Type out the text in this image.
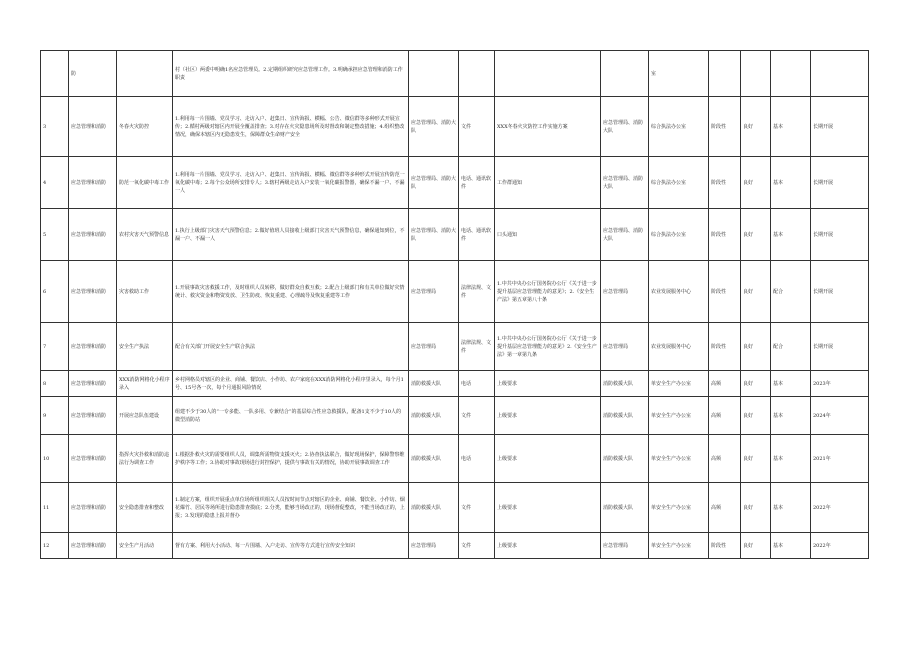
	防		村（社区）两委中明确1名应急管理员。2.定期组织研究应急管理工作。3.明确承担应急管理和消防工作职责					室				
3	应急管理和消防	冬春火灾防控	1.利用每一片围墙、党员学习、走访入户、赶集日、宣传海报、横幅、公告、微信群等多种形式开展宣传；2.循村两级对辖区内开展全覆盖排查；3.对存在火灾隐患场所及时督改和制定整改措施；4.组织整改情况，确保本辖区内无隐患发生，保障群众生命财产安全	应急管理局、消防大队	文件	XXX冬春火灾防控工作实施方案	应急管理局、消防大队	综合执法办公室	阶段性	良好	基本	长期开展
4	应急管理和消防	防范一氧化碳中毒工作	1.利用每一片围墙、党员学习、走访入户、赶集日、宣传海报、横幅、微信群等多种形式开展宣传防范一氧化碳中毒；2.每个公众场所安排专人；3.辖村两级走访入户安装一氧化碳报警器，确保不漏一户、不漏一人	应急管理局、消防大队	电话、通讯软件	工作群通知	应急管理局、消防大队	综合执法办公室	阶段性	良好	基本	长期开展
5	应急管理和消防	农村灾害天气预警信息	1.执行上级部门灾害天气预警信息；2.做好值班人员接收上级部门灾害天气预警信息，确保通知到位，不漏一户、不漏一人	应急管理局、消防大队	电话、通讯软件	口头通知	应急管理局、消防大队	综合执法办公室	阶段性	良好	基本	长期开展
6	应急管理和消防	灾害救助工作	1.开展事故灾害救援工作，及时组织人员转移，做好群众自救互救；2.配合上级部门和有关单位做好灾情统计、救灾资金和物资发放、卫生防疫、恢复重建、心理疏导及恢复重建等工作	应急管理局	法律法规、文件	1.中共中央办公厅国务院办公厅《关于进一步提升基层应急管理能力的意见》；2.《安全生产法》第五章第八十条	应急管理局	农业发展服务中心	阶段性	良好	配合	长期开展
7	应急管理和消防	安全生产执法	配合有关部门开展安全生产联合执法	应急管理局	法律法规、文件	1.中共中央办公厅国务院办公厅《关于进一步提升基层应急管理能力的意见》2.《安全生产法》第一章第九条	应急管理局	农业发展服务中心	阶段性	良好	配合	长期开展
8	应急管理和消防	XXX消防网格化小程序录入	乡村网格员对辖区的企业、商铺、餐饮店、小作坊、农户家庭在XXX消防网格化小程序里录入，每个月1号、15号各一次，每个月通报风险情况	消防救援大队	电话	上级要求	消防救援大队	单安全生产办公室	高频	良好	基本	2023年
9	应急管理和消防	开展应急队伍建设	组建不少于30人的“一专多能、一队多用、专兼结合”的基层综合性应急救援队，配备1支不少于10人的微型消防站	消防救援大队	文件	上级要求	消防救援大队	单安全生产办公室	高频	良好	基本	2024年
10	应急管理和消防	指挥火灾扑救和消防违法行为调查工作	1.根据扑救火灾的需要组织人员，调集所需物资支援灭火；2.协查执法联合，做好现场保护，保障警察维护秩序等工作；3.协助对事故现场进行封控保护，提供与事故有关的情况，协助开展事故调查工作	消防救援大队	电话	上级要求	消防救援大队	单安全生产办公室	高频	良好	基本	2021年
11	应急管理和消防	安全隐患排查和整改	1.制定方案，组织开展重点单位场所组织相关人员按时间节点对辖区的企业、商铺、餐饮业、小作坊、烟花爆竹、居民等场所进行隐患排查摸底；2.分类，能够当场改正的，现场督促整改，不能当场改正的，上报；3.发现的隐患上报并督办	消防救援大队	文件	上级要求	消防救援大队	单安全生产办公室	高频	良好	基本	2022年
12	应急管理和消防	安全生产月活动	督有方案、利用大小活动、每一片围墙、入户走访、宣传等方式进行宣传安全知识	应急管理局	文件	上级要求	应急管理局	单安全生产办公室	阶段性	良好	基本	2022年
